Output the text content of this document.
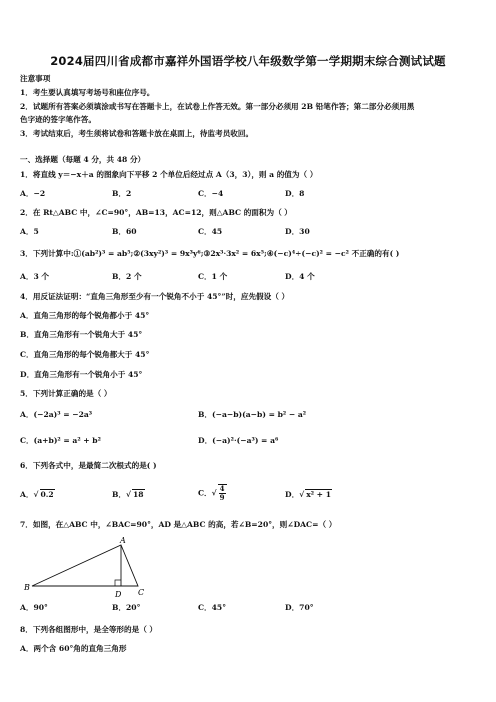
2024届四川省成都市嘉祥外国语学校八年级数学第一学期期末综合测试试题
注意事项
1．考生要认真填写考场号和座位序号。
2．试题所有答案必须填涂或书写在答题卡上，在试卷上作答无效。第一部分必须用 2B 铅笔作答；第二部分必须用黑
色字迹的签字笔作答。
3．考试结束后，考生须将试卷和答题卡放在桌面上，待监考员收回。
一、选择题（每题 4 分，共 48 分）
1．将直线 y＝−x＋a 的图象向下平移 2 个单位后经过点 A（3，3），则 a 的值为（ ）
A．−2	B．2	C．−4	D．8
2．在 Rt△ABC 中，∠C=90°，AB=13，AC=12，则△ABC 的面积为（ ）
A．5	B．60	C．45	D．30
3．下列计算中:①(ab²)³ = ab⁵;②(3xy²)³ = 9x³y⁶;③2x³·3x² = 6x⁵;④(−c)⁴÷(−c)² = −c² 不正确的有( )
A．3 个	B．2 个	C．1 个	D．4 个
4．用反证法证明：“直角三角形至少有一个锐角不小于 45°”时，应先假设（ ）
A．直角三角形的每个锐角都小于 45°
B．直角三角形有一个锐角大于 45°
C．直角三角形的每个锐角都大于 45°
D．直角三角形有一个锐角小于 45°
5．下列计算正确的是（ ）
A．(−2a)³ = −2a³	B．(−a−b)(a−b) = b² − a²
C．(a+b)² = a² + b²	D．(−a)²·(−a³) = a⁶
6．下列各式中，是最简二次根式的是( )
A．√ 0.2	B．√ 18	C．√ $\frac{4}{9}$	D．√ x² + 1
7．如图，在△ABC 中，∠BAC=90°，AD 是△ABC 的高，若∠B=20°，则∠DAC=（ ）
A
B
D C
A．90°	B．20°	C．45°	D．70°
8．下列各组图形中，是全等形的是（ ）
A．两个含 60°角的直角三角形
